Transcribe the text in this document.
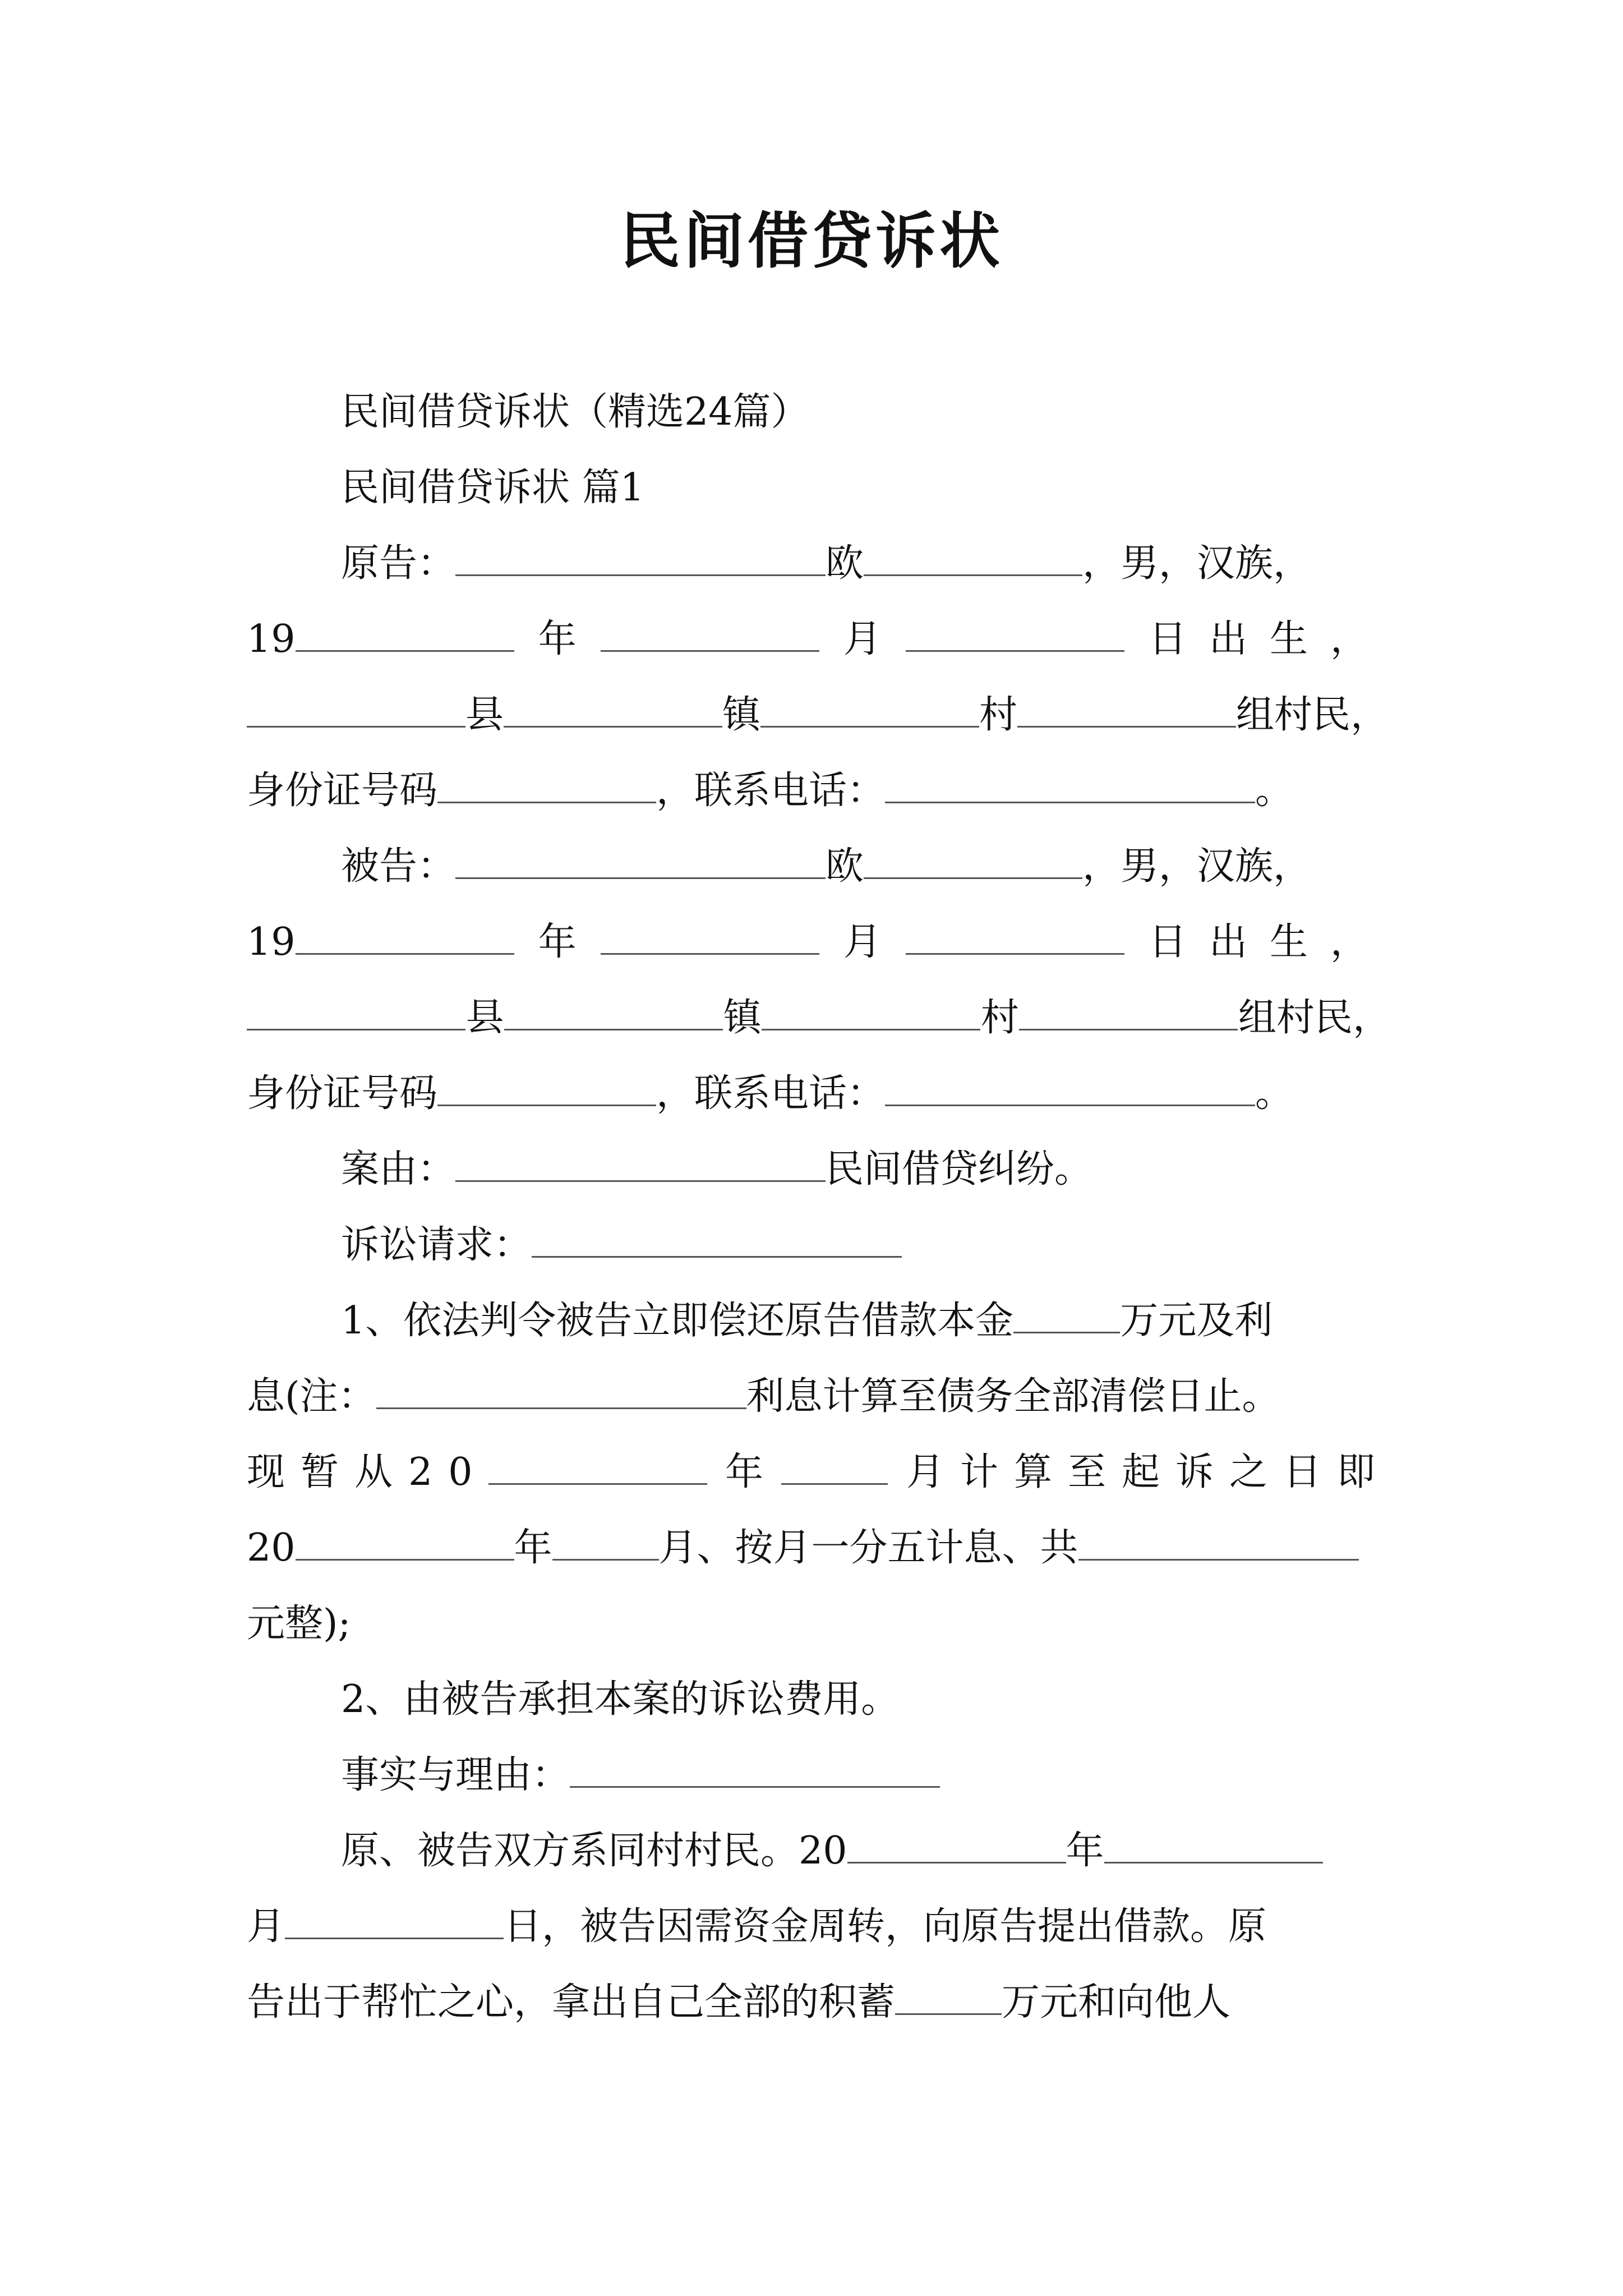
民间借贷诉状
民间借贷诉状（精选24篇）
民间借贷诉状 篇1
原告：	欧	，男，汉族，
19	年	月	日出生，
县	镇	村	组村民，
身份证号码	，联系电话：	。
被告：	欧	，男，汉族，
19	年	月	日出生，
县	镇	村	组村民，
身份证号码	，联系电话：	。
案由：	民间借贷纠纷。
诉讼请求：
1、依法判令被告立即偿还原告借款本金	万元及利
息(注：	利息计算至债务全部清偿日止。
现暂从20	年	月计算至起诉之日即
20	年	月、按月一分五计息、共
元整);
2、由被告承担本案的诉讼费用。
事实与理由：
原、被告双方系同村村民。20	年
月	日，被告因需资金周转，向原告提出借款。原
告出于帮忙之心，拿出自己全部的积蓄	万元和向他人
